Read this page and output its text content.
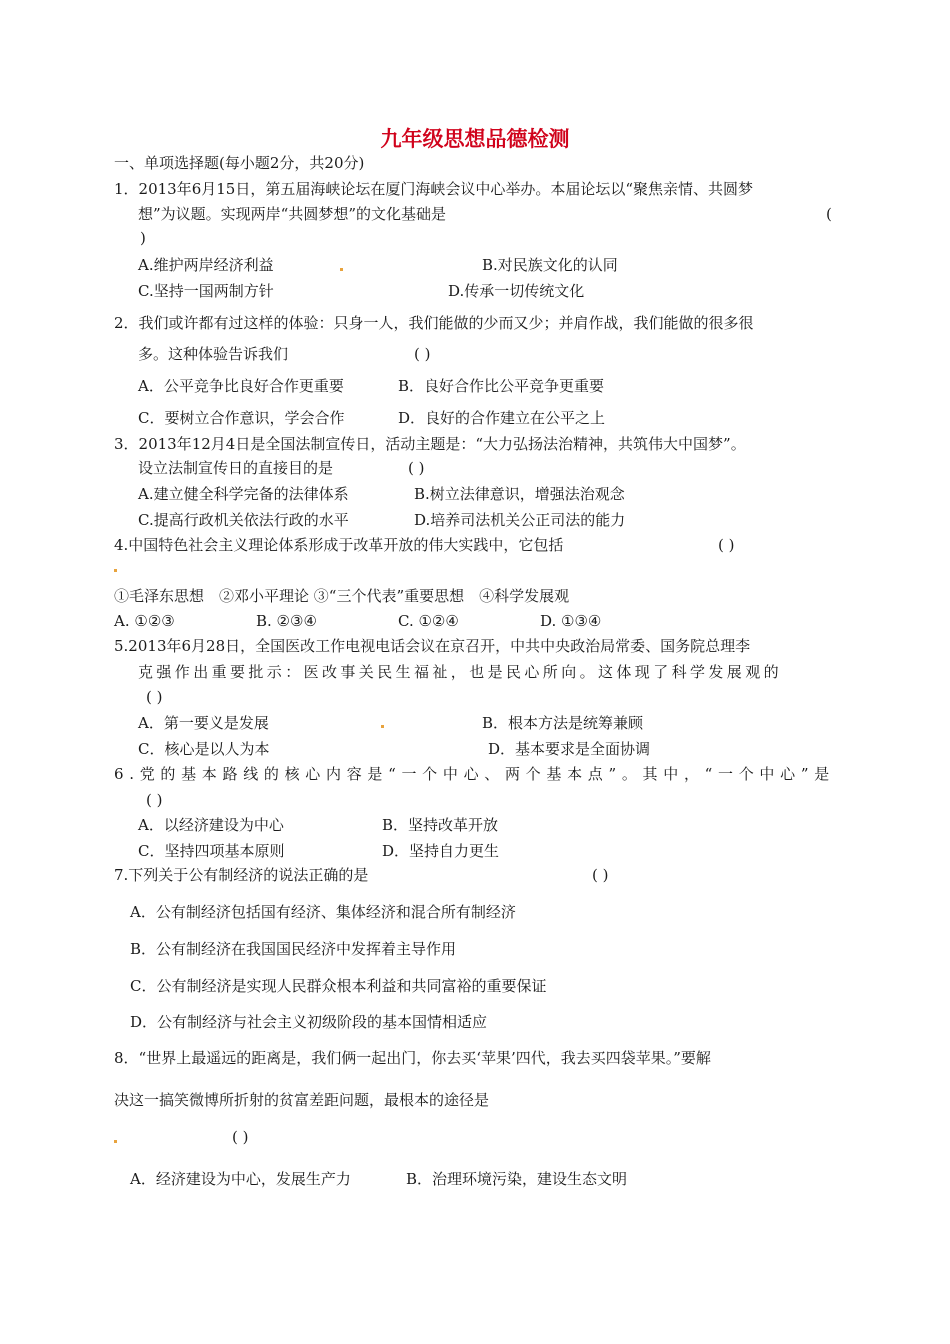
九年级思想品德检测
一、单项选择题(每小题2分，共20分)
1．2013年6月15日，第五届海峡论坛在厦门海峡会议中心举办。本届论坛以“聚焦亲情、共圆梦
想”为议题。实现两岸“共圆梦想”的文化基础是	(
)
A.维护两岸经济利益	B.对民族文化的认同
C.坚持一国两制方针	D.传承一切传统文化
2．我们或许都有过这样的体验：只身一人，我们能做的少而又少；并肩作战，我们能做的很多很
多。这种体验告诉我们	( )
A．公平竞争比良好合作更重要	B．良好合作比公平竞争更重要
C．要树立合作意识，学会合作	D．良好的合作建立在公平之上
3．2013年12月4日是全国法制宣传日，活动主题是：“大力弘扬法治精神，共筑伟大中国梦”。
设立法制宣传日的直接目的是	( )
A.建立健全科学完备的法律体系	B.树立法律意识，增强法治观念
C.提高行政机关依法行政的水平	D.培养司法机关公正司法的能力
4.中国特色社会主义理论体系形成于改革开放的伟大实践中，它包括	( )
①毛泽东思想　②邓小平理论 ③“三个代表”重要思想　④科学发展观
A. ①②③	B. ②③④	C. ①②④	D. ①③④
5.2013年6月28日，全国医改工作电视电话会议在京召开，中共中央政治局常委、国务院总理李
克强作出重要批示：医改事关民生福祉，也是民心所向。这体现了科学发展观的
( )
A．第一要义是发展	B．根本方法是统筹兼顾
C．核心是以人为本	D．基本要求是全面协调
6.党的基本路线的核心内容是“一个中心、两个基本点”。其中，“一个中心”是
( )
A．以经济建设为中心	B．坚持改革开放
C．坚持四项基本原则	D．坚持自力更生
7.下列关于公有制经济的说法正确的是	( )
A．公有制经济包括国有经济、集体经济和混合所有制经济
B．公有制经济在我国国民经济中发挥着主导作用
C．公有制经济是实现人民群众根本利益和共同富裕的重要保证
D．公有制经济与社会主义初级阶段的基本国情相适应
8．“世界上最遥远的距离是，我们俩一起出门，你去买‘苹果’四代，我去买四袋苹果。”要解
决这一搞笑微博所折射的贫富差距问题，最根本的途径是
( )
A．经济建设为中心，发展生产力	B．治理环境污染，建设生态文明
